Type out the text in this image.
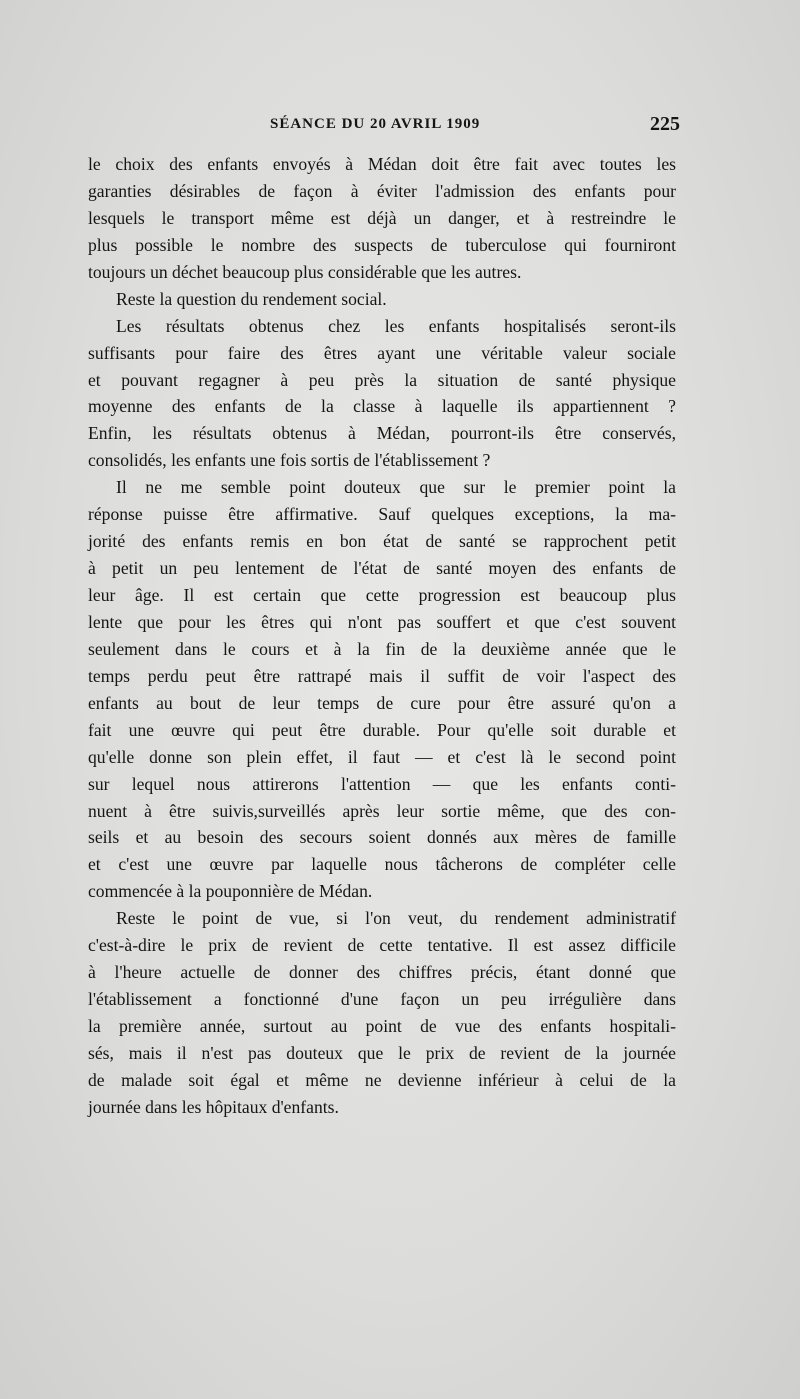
SÉANCE DU 20 AVRIL 1909	225
le choix des enfants envoyés à Médan doit être fait avec toutes les
garanties désirables de façon à éviter l'admission des enfants pour
lesquels le transport même est déjà un danger, et à restreindre le
plus possible le nombre des suspects de tuberculose qui fourniront
toujours un déchet beaucoup plus considérable que les autres.
Reste la question du rendement social.
Les résultats obtenus chez les enfants hospitalisés seront-ils
suffisants pour faire des êtres ayant une véritable valeur sociale
et pouvant regagner à peu près la situation de santé physique
moyenne des enfants de la classe à laquelle ils appartiennent ?
Enfin, les résultats obtenus à Médan, pourront-ils être conservés,
consolidés, les enfants une fois sortis de l'établissement ?
Il ne me semble point douteux que sur le premier point la
réponse puisse être affirmative. Sauf quelques exceptions, la ma-
jorité des enfants remis en bon état de santé se rapprochent petit
à petit un peu lentement de l'état de santé moyen des enfants de
leur âge. Il est certain que cette progression est beaucoup plus
lente que pour les êtres qui n'ont pas souffert et que c'est souvent
seulement dans le cours et à la fin de la deuxième année que le
temps perdu peut être rattrapé mais il suffit de voir l'aspect des
enfants au bout de leur temps de cure pour être assuré qu'on a
fait une œuvre qui peut être durable. Pour qu'elle soit durable et
qu'elle donne son plein effet, il faut — et c'est là le second point
sur lequel nous attirerons l'attention — que les enfants conti-
nuent à être suivis,surveillés après leur sortie même, que des con-
seils et au besoin des secours soient donnés aux mères de famille
et c'est une œuvre par laquelle nous tâcherons de compléter celle
commencée à la pouponnière de Médan.
Reste le point de vue, si l'on veut, du rendement administratif
c'est-à-dire le prix de revient de cette tentative. Il est assez difficile
à l'heure actuelle de donner des chiffres précis, étant donné que
l'établissement a fonctionné d'une façon un peu irrégulière dans
la première année, surtout au point de vue des enfants hospitali-
sés, mais il n'est pas douteux que le prix de revient de la journée
de malade soit égal et même ne devienne inférieur à celui de la
journée dans les hôpitaux d'enfants.
